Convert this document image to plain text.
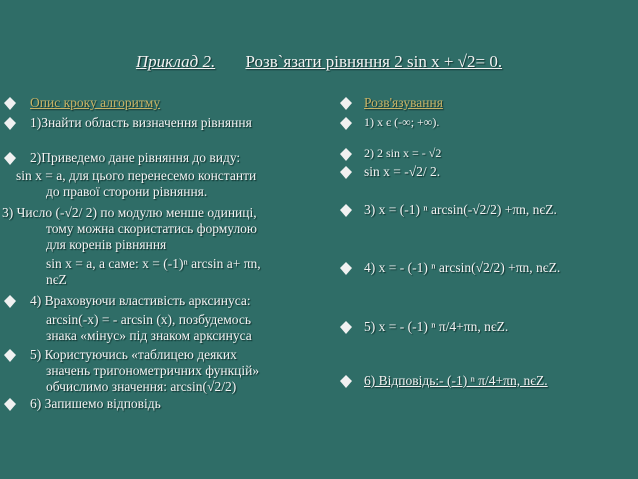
Приклад 2. Розв`язати рівняння 2 sin x + √2= 0.
Опис кроку алгоритму
1)Знайти область визначення рівняння
2)Приведемо дане рівняння до виду:
sin x = a, для цього перенесемо константи
до правої сторони рівняння.
3) Число (-√2/ 2) по модулю менше одиниці,
тому можна скористатись формулою
для коренів рівняння
sin x = a, а саме: x = (-1)ⁿ arcsin a+ πn,
nєZ
4) Враховуючи властивість арксинуса:
arcsin(-x) = - arcsin (x), позбудемось
знака «мінус» під знаком арксинуса
5) Користуючись «таблицею деяких
значень тригонометричних функцій»
обчислимо значення: arcsin(√2/2)
6) Запишемо відповідь
Розв'язування
1) x є (-∞; +∞).
2) 2 sin x = - √2
sin x = -√2/ 2.
3) x = (-1) ⁿ arcsin(-√2/2) +πn, nєZ.
4) x = - (-1) ⁿ arcsin(√2/2) +πn, nєZ.
5) x = - (-1) ⁿ π/4+πn, nєZ.
6) Відповідь:- (-1) ⁿ π/4+πn, nєZ.
